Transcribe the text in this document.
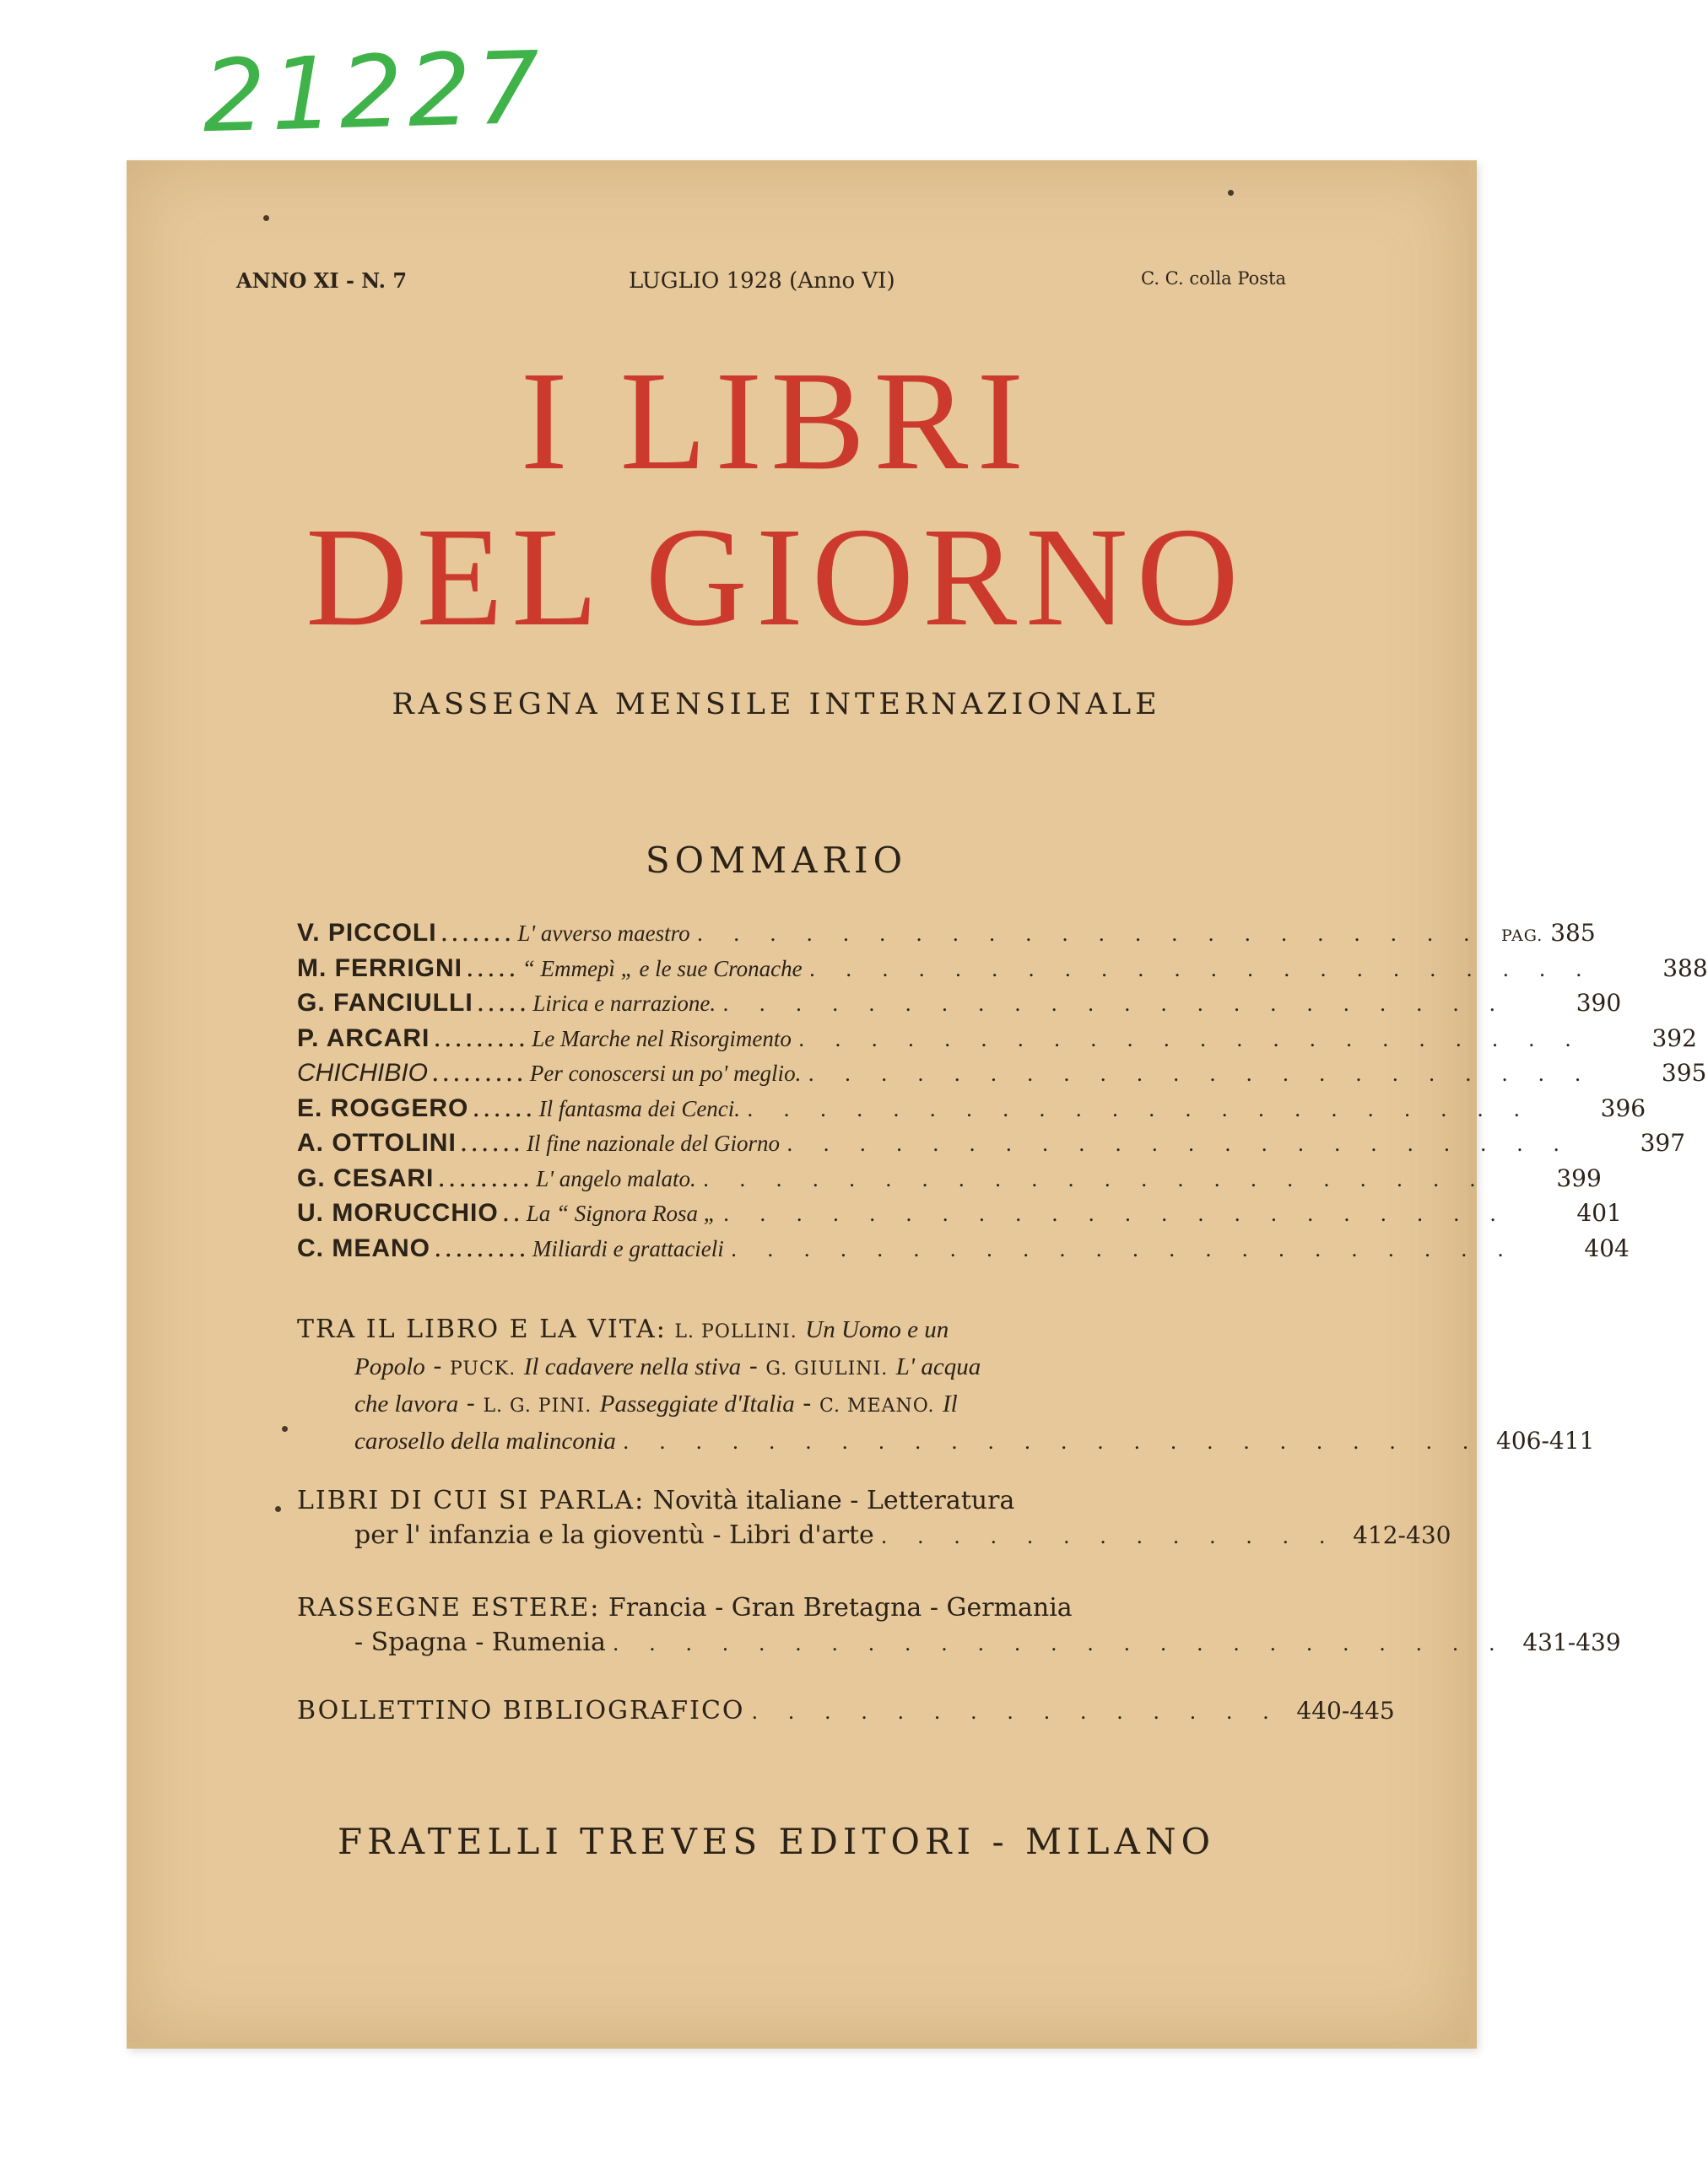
21227
ANNO XI - N. 7	LUGLIO 1928 (Anno VI)	C. C. colla Posta
I LIBRI
DEL GIORNO
RASSEGNA MENSILE INTERNAZIONALE
SOMMARIO
V. PICCOLI ....... L' avverso maestro . . . . . . . . . . . . . . . . . . . . . .	PAG. 385
M. FERRIGNI ..... “ Emmepì „ e le sue Cronache . . . . . . . . . . . . . . . . . . . . . .	388
G. FANCIULLI ..... Lirica e narrazione. . . . . . . . . . . . . . . . . . . . . . .	390
P. ARCARI ......... Le Marche nel Risorgimento . . . . . . . . . . . . . . . . . . . . . .	392
CHICHIBIO ......... Per conoscersi un po' meglio. . . . . . . . . . . . . . . . . . . . . . .	395
E. ROGGERO ...... Il fantasma dei Cenci. . . . . . . . . . . . . . . . . . . . . . .	396
A. OTTOLINI ...... Il fine nazionale del Giorno . . . . . . . . . . . . . . . . . . . . . .	397
G. CESARI ......... L' angelo malato. . . . . . . . . . . . . . . . . . . . . . .	399
U. MORUCCHIO .. La “ Signora Rosa „ . . . . . . . . . . . . . . . . . . . . . .	401
C. MEANO ......... Miliardi e grattacieli . . . . . . . . . . . . . . . . . . . . . .	404
TRA IL LIBRO E LA VITA:
L. POLLINI.
Un Uomo e un
Popolo - PUCK.
Il cadavere nella stiva - G. GIULINI.
L' acqua
che lavora - L. G. PINI.
Passeggiate d'Italia - C. MEANO.
Il
carosello della malinconia . . . . . . . . . . . . . . . . . . . . . . . . 406-411
LIBRI DI CUI SI PARLA:
Novità italiane - Letteratura
per l' infanzia e la gioventù - Libri d'arte . . . . . . . . . . . . . 412-430
RASSEGNE ESTERE:
Francia - Gran Bretagna - Germania
- Spagna - Rumenia . . . . . . . . . . . . . . . . . . . . . . . . . 431-439
BOLLETTINO BIBLIOGRAFICO . . . . . . . . . . . . . . . 440-445
FRATELLI TREVES EDITORI - MILANO
